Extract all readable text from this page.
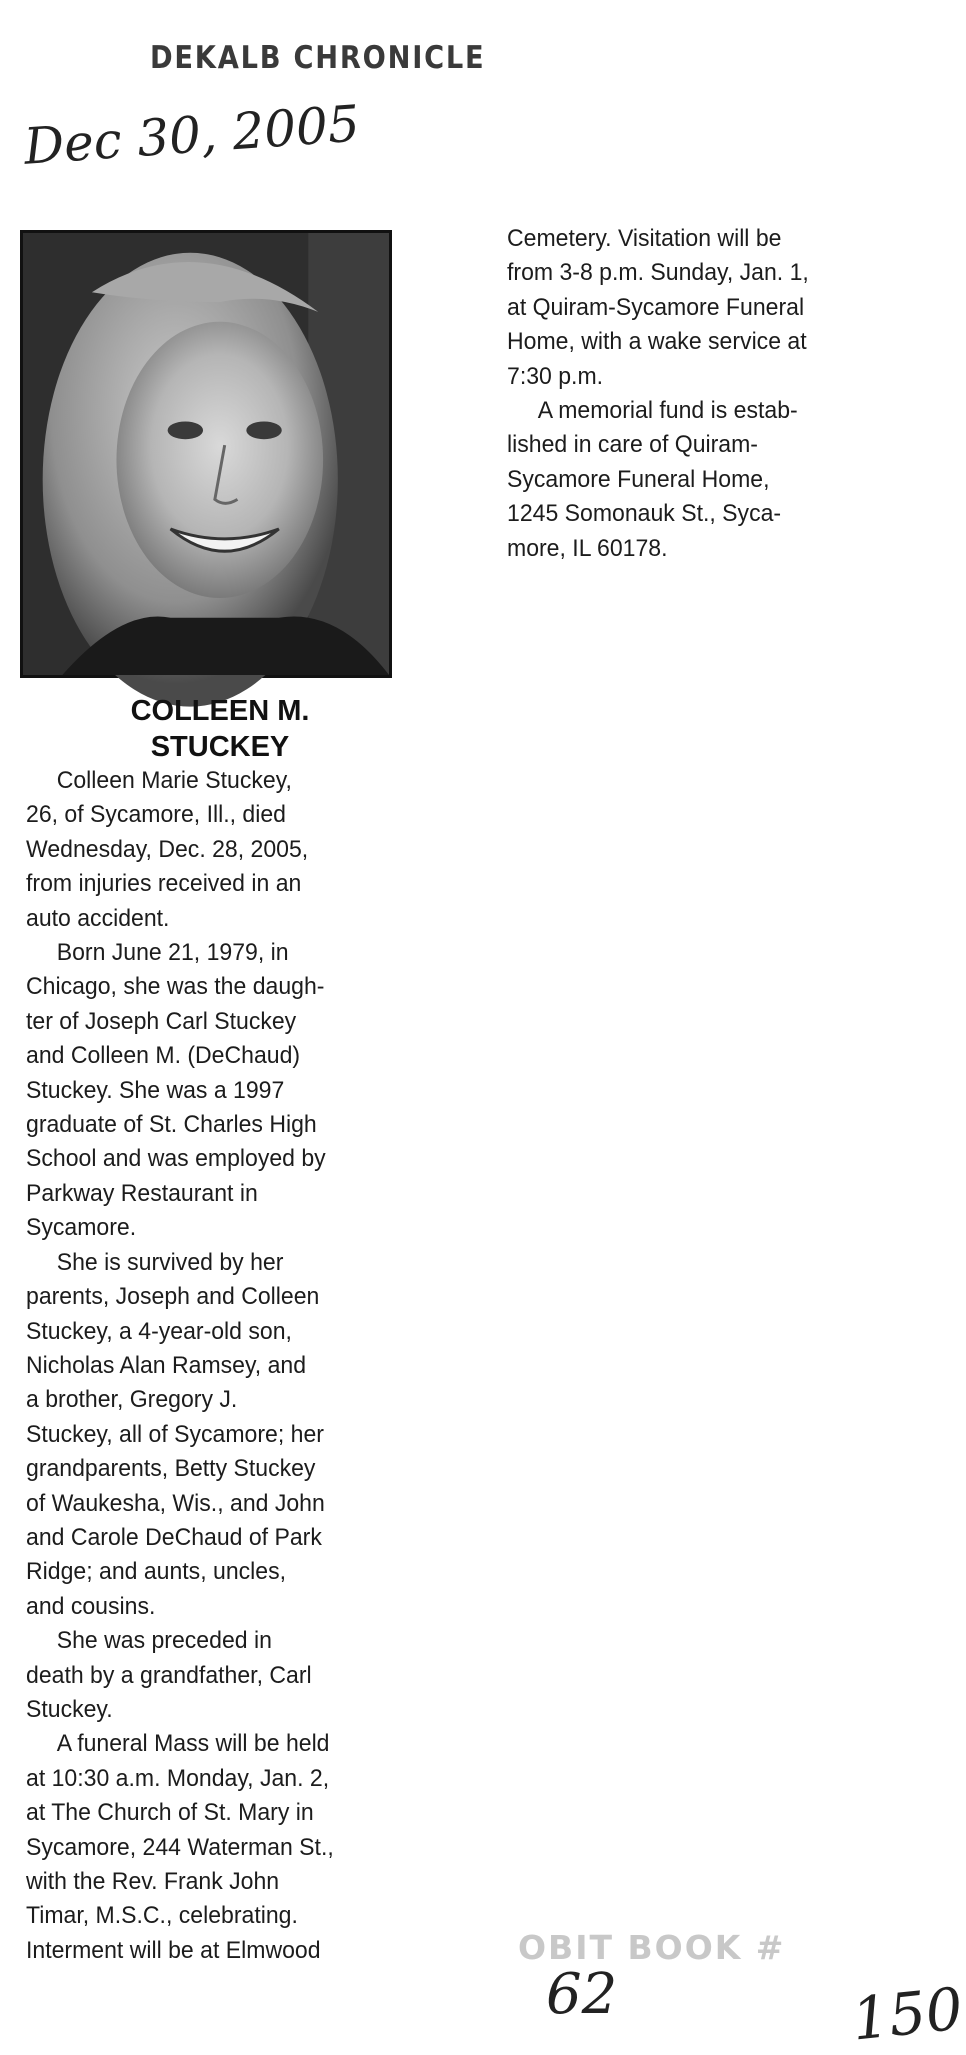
DEKALB CHRONICLE
Dec 30, 2005
COLLEEN M.
STUCKEY
Colleen Marie Stuckey,
26, of Sycamore, Ill., died
Wednesday, Dec. 28, 2005,
from injuries received in an
auto accident.
Born June 21, 1979, in
Chicago, she was the daugh-
ter of Joseph Carl Stuckey
and Colleen M. (DeChaud)
Stuckey. She was a 1997
graduate of St. Charles High
School and was employed by
Parkway Restaurant in
Sycamore.
She is survived by her
parents, Joseph and Colleen
Stuckey, a 4-year-old son,
Nicholas Alan Ramsey, and
a brother, Gregory J.
Stuckey, all of Sycamore; her
grandparents, Betty Stuckey
of Waukesha, Wis., and John
and Carole DeChaud of Park
Ridge; and aunts, uncles,
and cousins.
She was preceded in
death by a grandfather, Carl
Stuckey.
A funeral Mass will be held
at 10:30 a.m. Monday, Jan. 2,
at The Church of St. Mary in
Sycamore, 244 Waterman St.,
with the Rev. Frank John
Timar, M.S.C., celebrating.
Interment will be at Elmwood
Cemetery. Visitation will be
from 3-8 p.m. Sunday, Jan. 1,
at Quiram-Sycamore Funeral
Home, with a wake service at
7:30 p.m.
A memorial fund is estab-
lished in care of Quiram-
Sycamore Funeral Home,
1245 Somonauk St., Syca-
more, IL 60178.
OBIT BOOK #
62	150
